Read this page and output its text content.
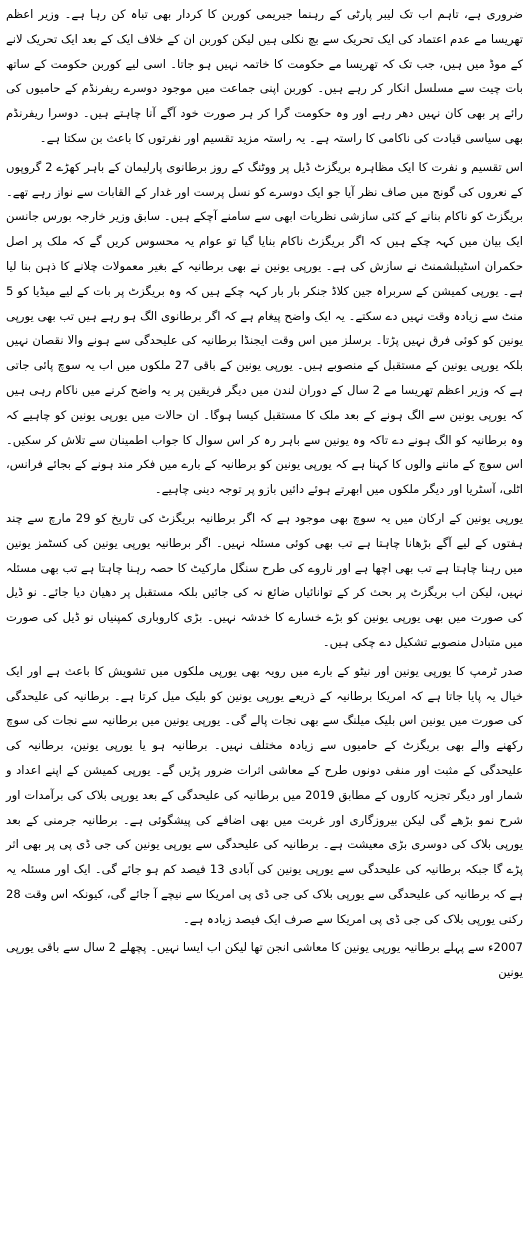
ضروری ہے، تاہم اب تک لیبر پارٹی کے رہنما جیریمی کوربن کا کردار بھی تباہ کن رہا ہے۔ وزیر اعظم تھریسا مے عدم اعتماد کی ایک تحریک سے بچ نکلی ہیں لیکن کوربن ان کے خلاف ایک کے بعد ایک تحریک لانے کے موڈ میں ہیں، جب تک کہ تھریسا مے حکومت کا خاتمہ نہیں ہو جاتا۔ اسی لیے کوربن حکومت کے ساتھ بات چیت سے مسلسل انکار کر رہے ہیں۔ کوربن اپنی جماعت میں موجود دوسرے ریفرنڈم کے حامیوں کی رائے پر بھی کان نہیں دھر رہے اور وہ حکومت گرا کر ہر صورت خود آگے آنا چاہتے ہیں۔ دوسرا ریفرنڈم بھی سیاسی قیادت کی ناکامی کا راستہ ہے۔ یہ راستہ مزید تقسیم اور نفرتوں کا باعث بن سکتا ہے۔

اس تقسیم و نفرت کا ایک مظاہرہ بریگزٹ ڈیل پر ووٹنگ کے روز برطانوی پارلیمان کے باہر کھڑے 2 گروپوں کے نعروں کی گونج میں صاف نظر آیا جو ایک دوسرے کو نسل پرست اور غدار کے القابات سے نواز رہے تھے۔ بریگزٹ کو ناکام بنانے کے کئی سازشی نظریات ابھی سے سامنے آچکے ہیں۔ سابق وزیر خارجہ بورس جانسن ایک بیان میں کہہ چکے ہیں کہ اگر بریگزٹ ناکام بنایا گیا تو عوام یہ محسوس کریں گے کہ ملک پر اصل حکمران اسٹیبلشمنٹ نے سازش کی ہے۔ یورپی یونین نے بھی برطانیہ کے بغیر معمولات چلانے کا ذہن بنا لیا ہے۔ یورپی کمیشن کے سربراہ جین کلاڈ جنکر بار بار کہہ چکے ہیں کہ وہ بریگزٹ پر بات کے لیے میڈیا کو 5 منٹ سے زیادہ وقت نہیں دے سکتے۔ یہ ایک واضح پیغام ہے کہ اگر برطانوی الگ ہو رہے ہیں تب بھی یورپی یونین کو کوئی فرق نہیں پڑتا۔ برسلز میں اس وقت ایجنڈا برطانیہ کی علیحدگی سے ہونے والا نقصان نہیں بلکہ یورپی یونین کے مستقبل کے منصوبے ہیں۔ یورپی یونین کے باقی 27 ملکوں میں اب یہ سوچ پائی جاتی ہے کہ وزیر اعظم تھریسا مے 2 سال کے دوران لندن میں دیگر فریقین پر یہ واضح کرنے میں ناکام رہی ہیں کہ یورپی یونین سے الگ ہونے کے بعد ملک کا مستقبل کیسا ہوگا۔ ان حالات میں یورپی یونین کو چاہیے کہ وہ برطانیہ کو الگ ہونے دے تاکہ وہ یونین سے باہر رہ کر اس سوال کا جواب اطمینان سے تلاش کر سکیں۔ اس سوچ کے ماننے والوں کا کہنا ہے کہ یورپی یونین کو برطانیہ کے بارے میں فکر مند ہونے کے بجائے فرانس، اٹلی، آسٹریا اور دیگر ملکوں میں ابھرتے ہوئے دائیں بازو پر توجہ دینی چاہیے۔

یورپی یونین کے ارکان میں یہ سوچ بھی موجود ہے کہ اگر برطانیہ بریگزٹ کی تاریخ کو 29 مارچ سے چند ہفتوں کے لیے آگے بڑھانا چاہتا ہے تب بھی کوئی مسئلہ نہیں۔ اگر برطانیہ یورپی یونین کی کسٹمز یونین میں رہنا چاہتا ہے تب بھی اچھا ہے اور ناروے کی طرح سنگل مارکیٹ کا حصہ رہنا چاہتا ہے تب بھی مسئلہ نہیں، لیکن اب بریگزٹ پر بحث کر کے توانائیاں ضائع نہ کی جائیں بلکہ مستقبل پر دھیان دیا جائے۔ نو ڈیل کی صورت میں بھی یورپی یونین کو بڑے خسارے کا خدشہ نہیں۔ بڑی کاروباری کمپنیاں نو ڈیل کی صورت میں متبادل منصوبے تشکیل دے چکی ہیں۔

صدر ٹرمپ کا یورپی یونین اور نیٹو کے بارے میں رویہ بھی یورپی ملکوں میں تشویش کا باعث ہے اور ایک خیال یہ پایا جاتا ہے کہ امریکا برطانیہ کے ذریعے یورپی یونین کو بلیک میل کرتا ہے۔ برطانیہ کی علیحدگی کی صورت میں یونین اس بلیک میلنگ سے بھی نجات پالے گی۔ یورپی یونین میں برطانیہ سے نجات کی سوچ رکھنے والے بھی بریگزٹ کے حامیوں سے زیادہ مختلف نہیں۔ برطانیہ ہو یا یورپی یونین، برطانیہ کی علیحدگی کے مثبت اور منفی دونوں طرح کے معاشی اثرات ضرور پڑیں گے۔ یورپی کمیشن کے اپنے اعداد و شمار اور دیگر تجزیہ کاروں کے مطابق 2019 میں برطانیہ کی علیحدگی کے بعد یورپی بلاک کی برآمدات اور شرح نمو بڑھے گی لیکن بیروزگاری اور غربت میں بھی اضافے کی پیشگوئی ہے۔ برطانیہ جرمنی کے بعد یورپی بلاک کی دوسری بڑی معیشت ہے۔ برطانیہ کی علیحدگی سے یورپی یونین کی جی ڈی پی پر بھی اثر پڑے گا جبکہ برطانیہ کی علیحدگی سے یورپی یونین کی آبادی 13 فیصد کم ہو جائے گی۔ ایک اور مسئلہ یہ ہے کہ برطانیہ کی علیحدگی سے یورپی بلاک کی جی ڈی پی امریکا سے نیچے آ جائے گی، کیونکہ اس وقت 28 رکنی یورپی بلاک کی جی ڈی پی امریکا سے صرف ایک فیصد زیادہ ہے۔

2007ء سے پہلے برطانیہ یورپی یونین کا معاشی انجن تھا لیکن اب ایسا نہیں۔ پچھلے 2 سال سے باقی یورپی یونین
